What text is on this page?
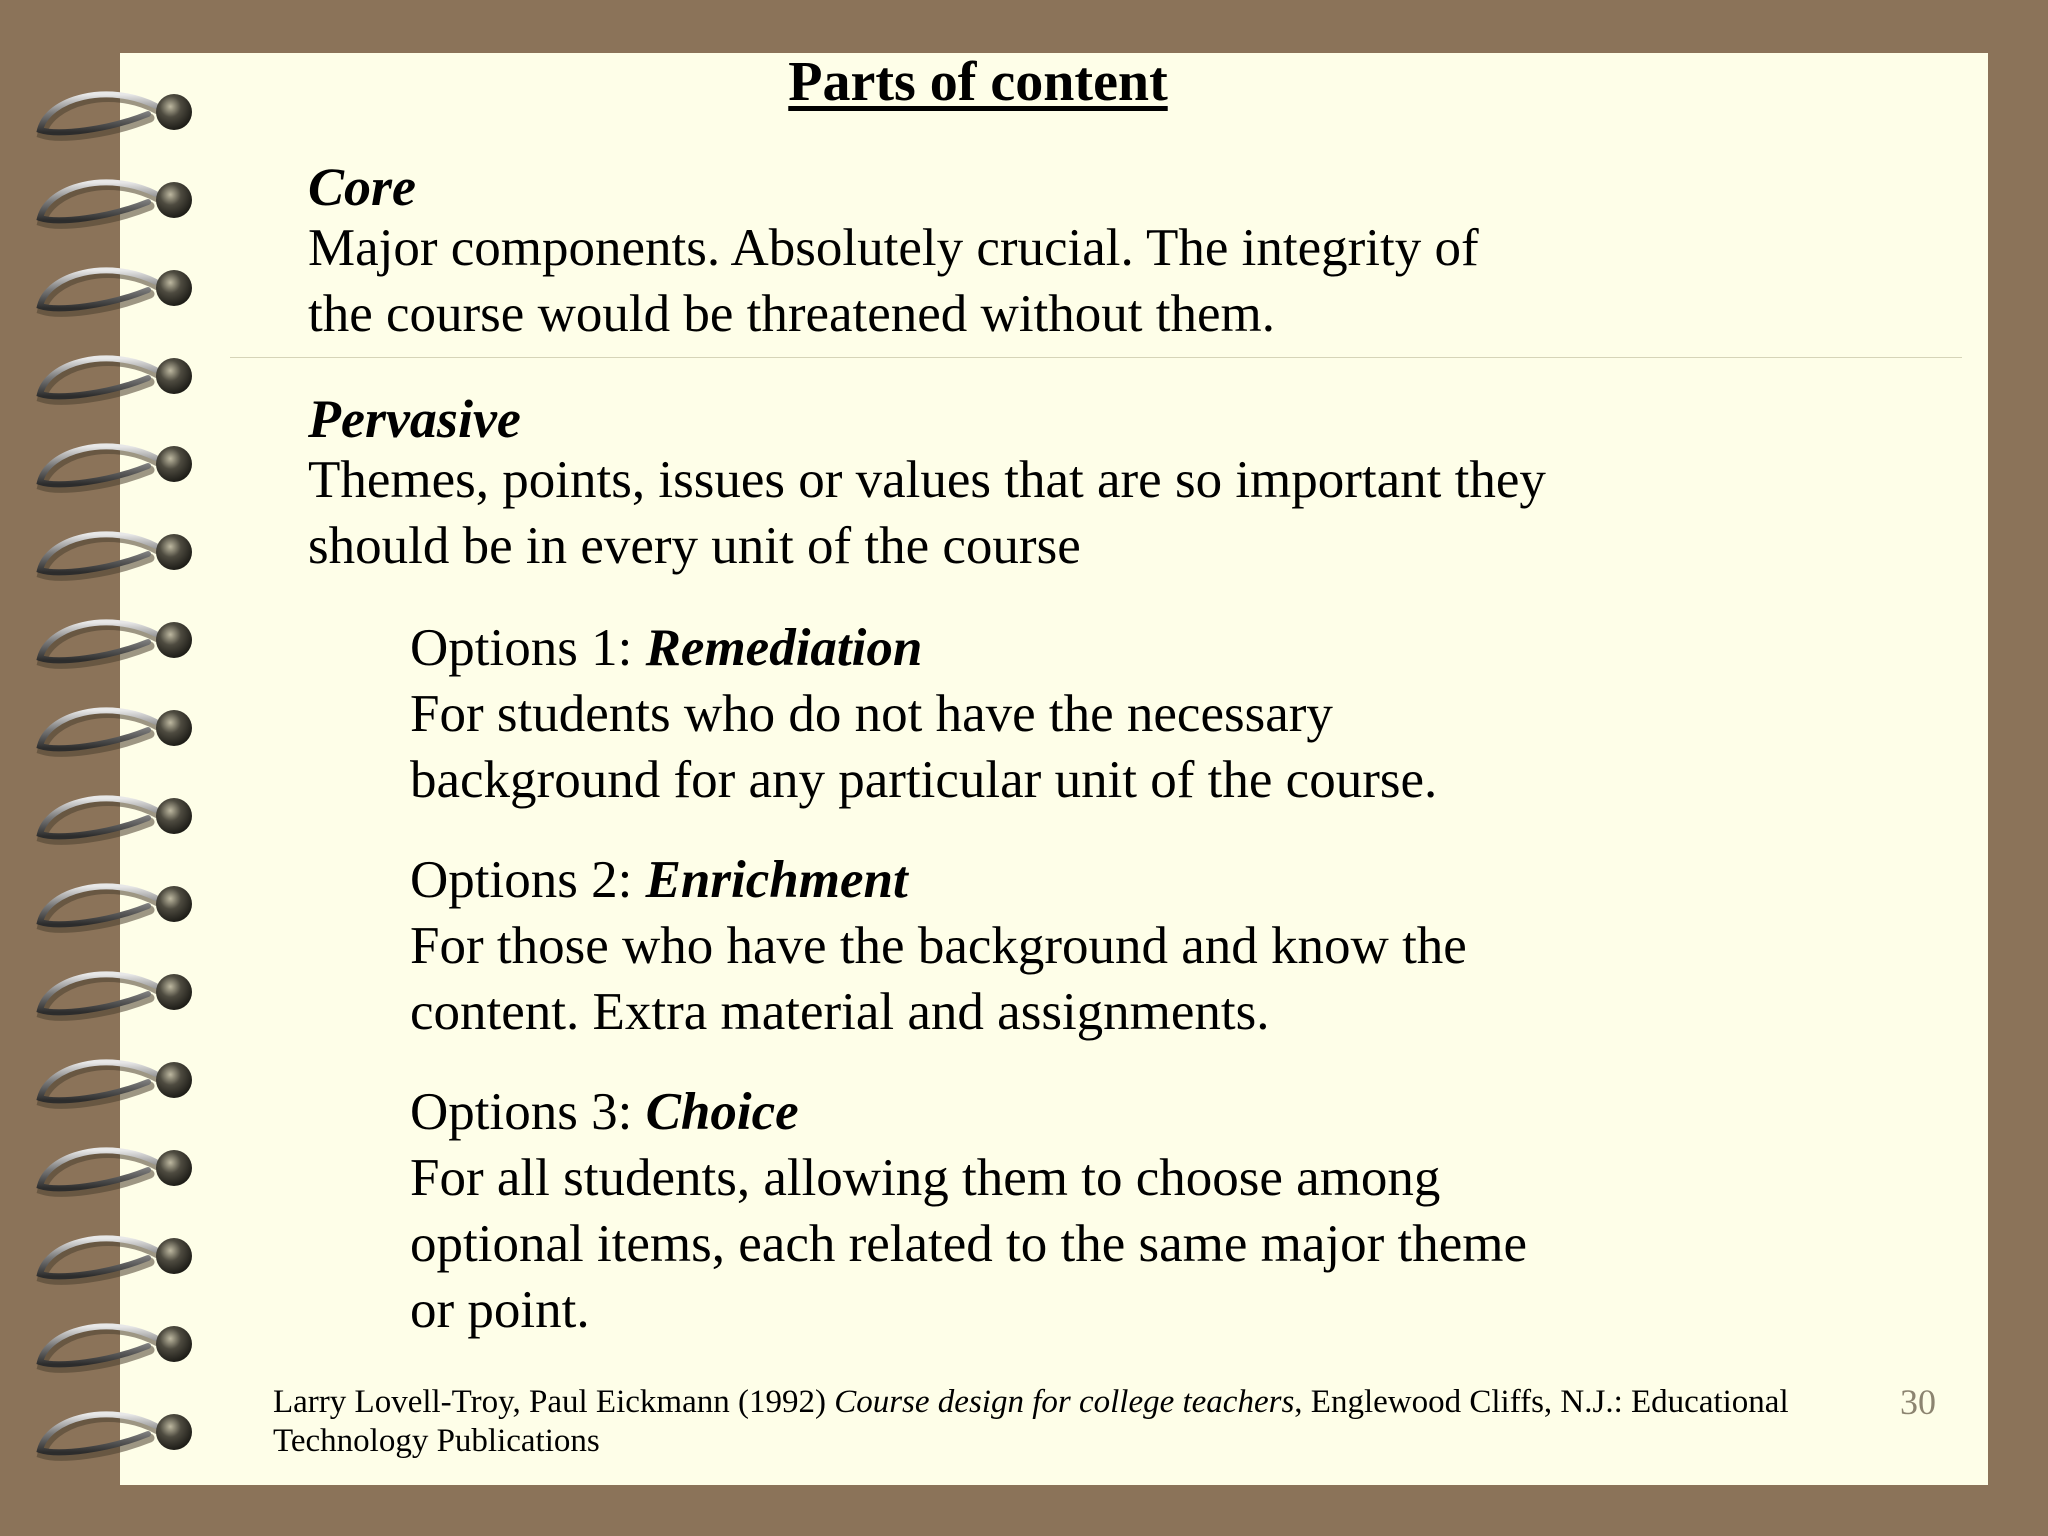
Parts of content
Core
Major components. Absolutely crucial. The integrity of
the course would be threatened without them.
Pervasive
Themes, points, issues or values that are so important they
should be in every unit of the course
Options 1: Remediation
For students who do not have the necessary
background for any particular unit of the course.
Options 2: Enrichment
For those who have the background and know the
content. Extra material and assignments.
Options 3: Choice
For all students, allowing them to choose among
optional items, each related to the same major theme
or point.
Larry Lovell-Troy, Paul Eickmann (1992) Course design for college teachers, Englewood Cliffs, N.J.: Educational Technology Publications
30
